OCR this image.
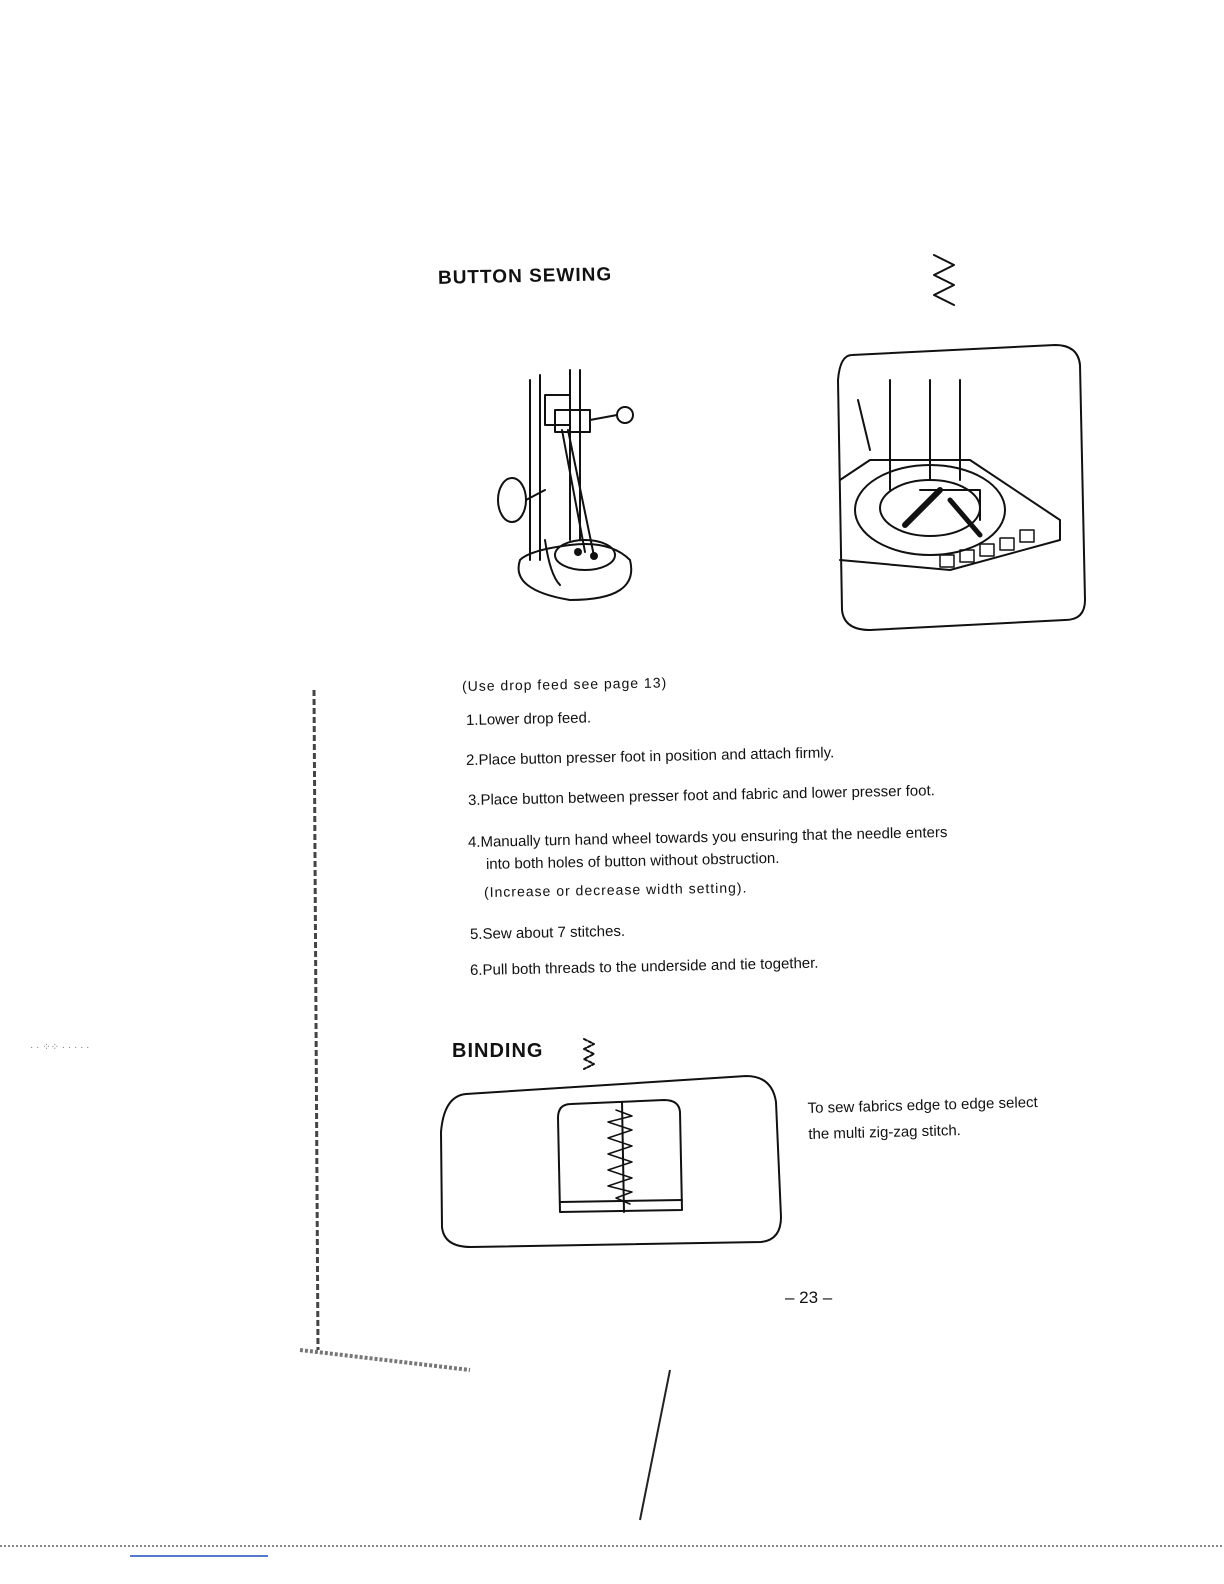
· · ⁘⁘ · · · · ·
BUTTON SEWING
(Use drop feed see page 13)
1.Lower drop feed.
2.Place button presser foot in position and attach firmly.
3.Place button between presser foot and fabric and lower presser foot.
4.Manually turn hand wheel towards you ensuring that the needle enters
into both holes of button without obstruction.
(Increase or decrease width setting).
5.Sew about 7 stitches.
6.Pull both threads to the underside and tie together.
BINDING
To sew fabrics edge to edge select
the multi zig-zag stitch.
– 23 –
